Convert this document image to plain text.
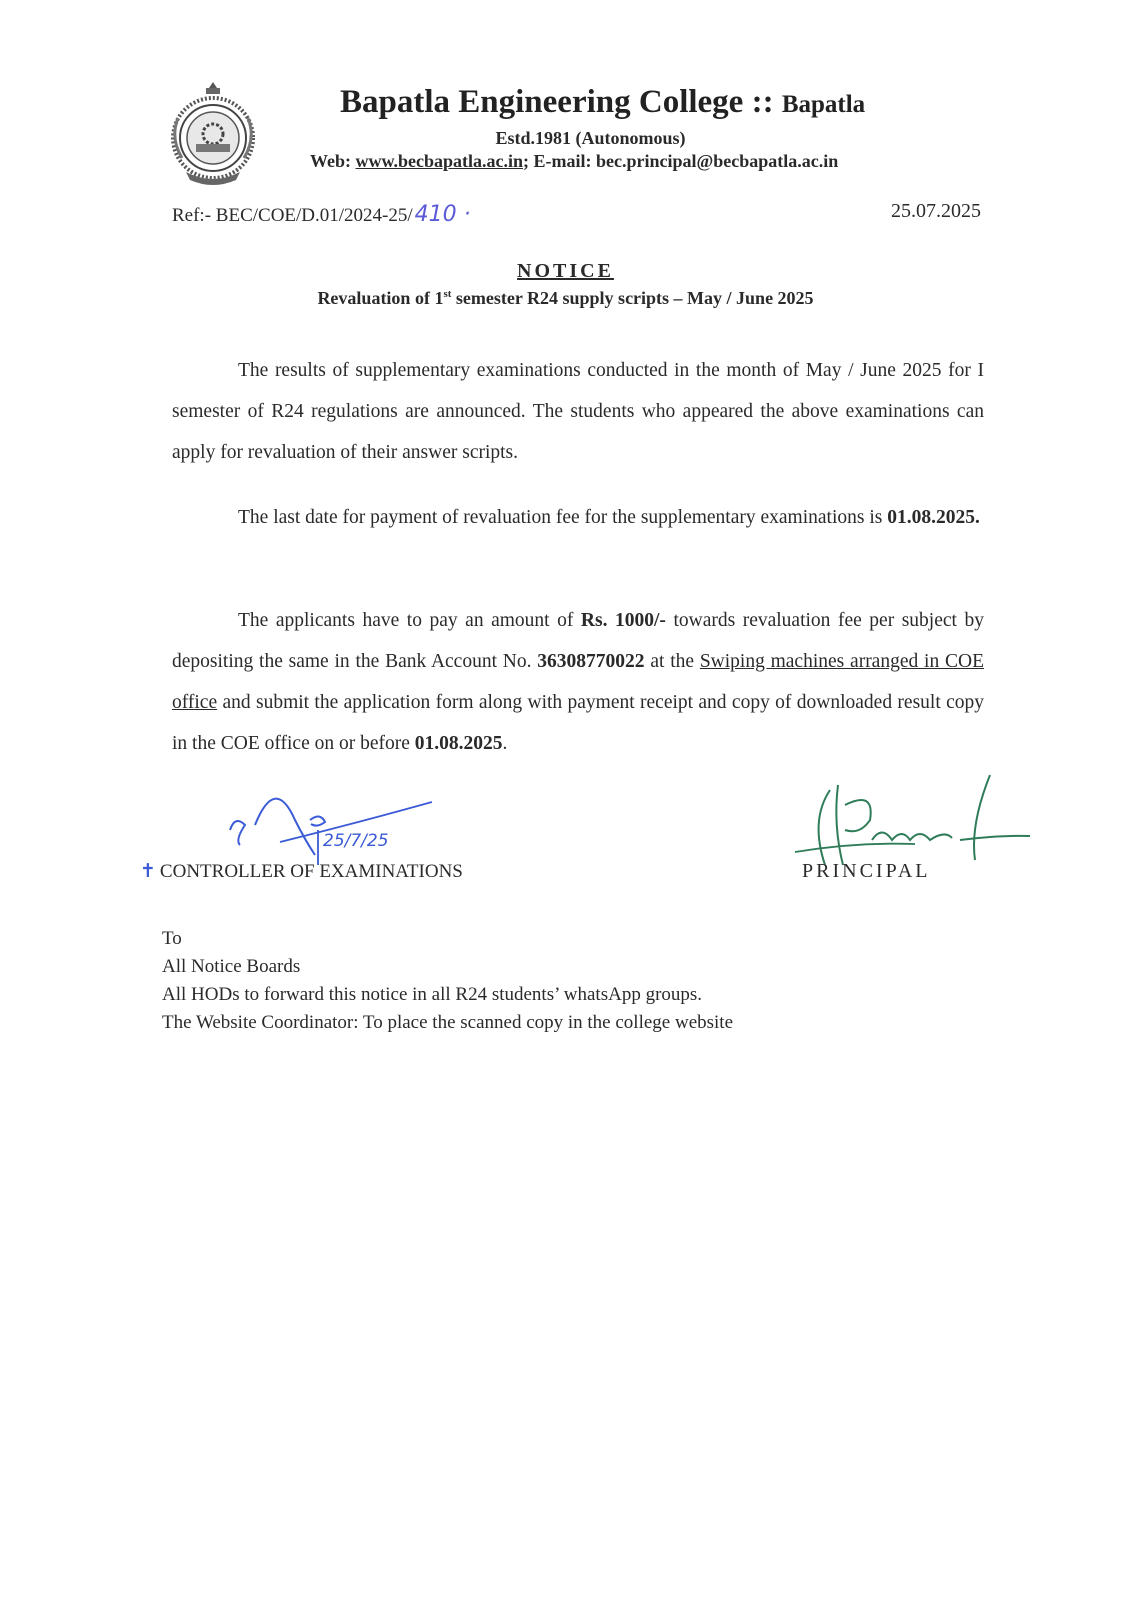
Bapatla Engineering College :: Bapatla
Estd.1981 (Autonomous)
Web: www.becbapatla.ac.in; E-mail: bec.principal@becbapatla.ac.in
Ref:- BEC/COE/D.01/2024-25/410 ·	25.07.2025
NOTICE
Revaluation of 1st semester R24 supply scripts – May / June 2025
The results of supplementary examinations conducted in the month of May / June 2025 for I semester of R24 regulations are announced. The students who appeared the above examinations can apply for revaluation of their answer scripts.
The last date for payment of revaluation fee for the supplementary examinations is 01.08.2025.
The applicants have to pay an amount of Rs. 1000/- towards revaluation fee per subject by depositing the same in the Bank Account No. 36308770022 at the Swiping machines arranged in COE office and submit the application form along with payment receipt and copy of downloaded result copy in the COE office on or before 01.08.2025.
25/7/25
✝ CONTROLLER OF EXAMINATIONS	PRINCIPAL
To
All Notice Boards
All HODs to forward this notice in all R24 students’ whatsApp groups.
The Website Coordinator: To place the scanned copy in the college website
